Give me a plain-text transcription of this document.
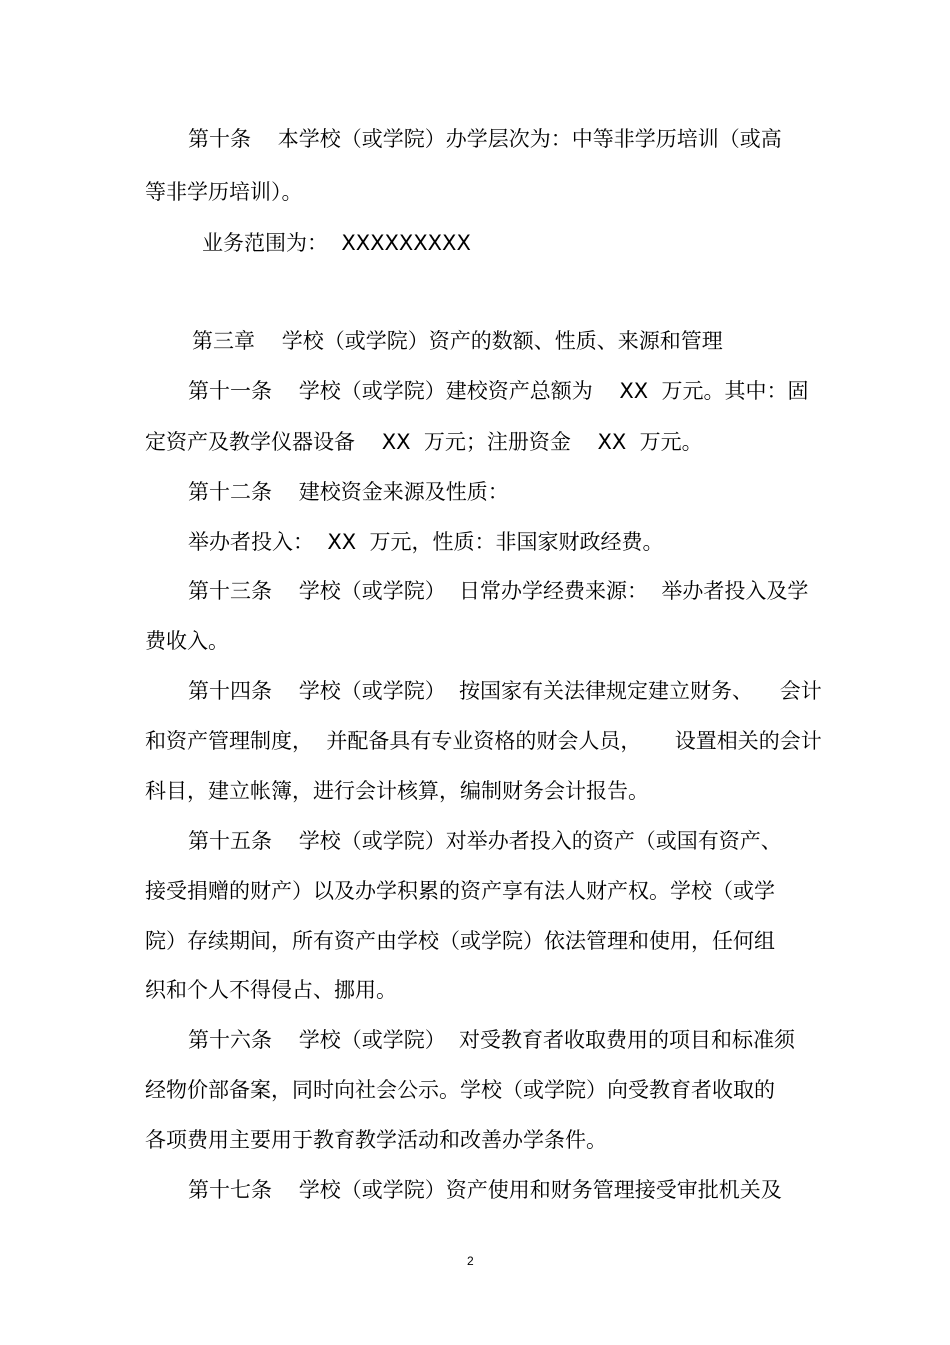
第十条    本学校（或学院）办学层次为：中等非学历培训（或高

等非学历培训）。

业务范围为：  XXXXXXXXX

第三章    学校（或学院）资产的数额、性质、来源和管理

第十一条    学校（或学院）建校资产总额为    XX  万元。其中：固

定资产及教学仪器设备    XX  万元；注册资金    XX  万元。

第十二条    建校资金来源及性质：

举办者投入：  XX  万元，性质：非国家财政经费。

第十三条    学校（或学院）  日常办学经费来源：  举办者投入及学

费收入。

第十四条    学校（或学院）  按国家有关法律规定建立财务、    会计

和资产管理制度，  并配备具有专业资格的财会人员，     设置相关的会计

科目，建立帐簿，进行会计核算，编制财务会计报告。

第十五条    学校（或学院）对举办者投入的资产（或国有资产、

接受捐赠的财产）以及办学积累的资产享有法人财产权。学校（或学

院）存续期间，所有资产由学校（或学院）依法管理和使用，任何组

织和个人不得侵占、挪用。

第十六条    学校（或学院）  对受教育者收取费用的项目和标准须

经物价部备案，同时向社会公示。学校（或学院）向受教育者收取的

各项费用主要用于教育教学活动和改善办学条件。

第十七条    学校（或学院）资产使用和财务管理接受审批机关及

2
